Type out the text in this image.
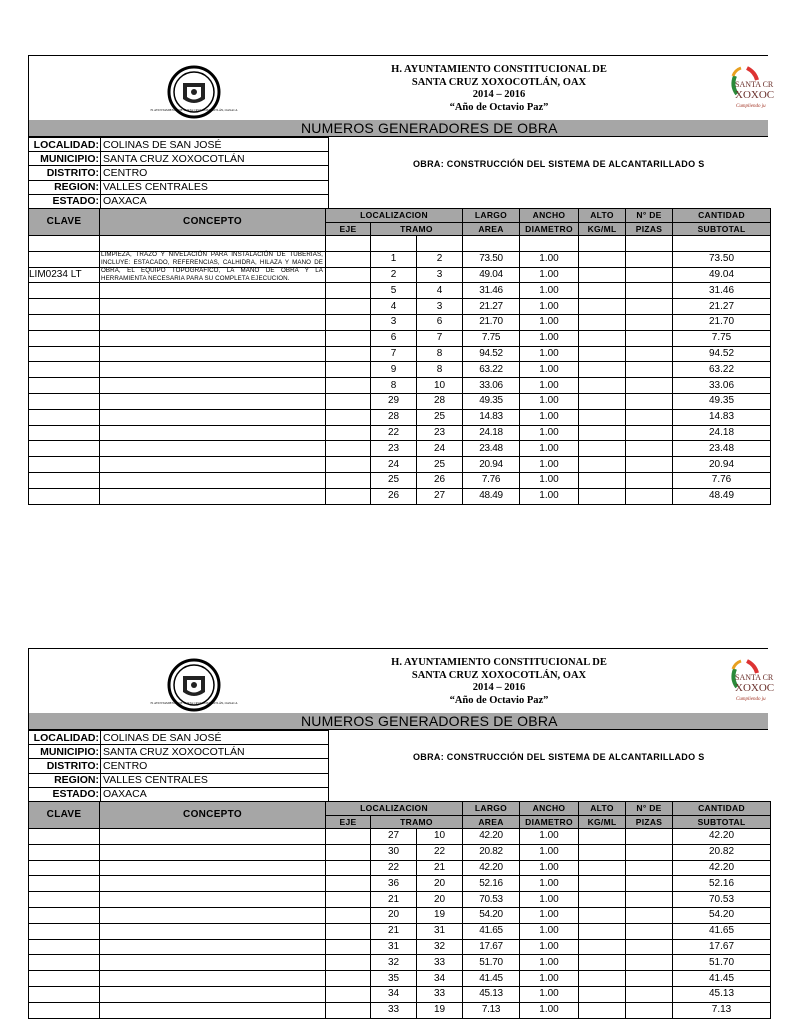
H. AYUNTAMIENTO DE SANTA CRUZ XOXOCOTLÁN, OAXACA
H. AYUNTAMIENTO CONSTITUCIONAL DE
SANTA CRUZ XOXOCOTLÁN, OAX
2014 – 2016
“Año de Octavio Paz”
SANTA CR
XOXOC
Cumpliendo ju
NUMEROS GENERADORES DE OBRA
LOCALIDAD:	COLINAS DE SAN JOSÉ
MUNICIPIO:	SANTA CRUZ XOXOCOTLÁN
DISTRITO:	CENTRO
REGION:	VALLES CENTRALES
ESTADO:	OAXACA
OBRA: CONSTRUCCIÓN DEL SISTEMA DE ALCANTARILLADO S
CLAVE	CONCEPTO	LOCALIZACION			LARGO	ANCHO	ALTO	N° DE	CANTIDAD
		EJE	TRAMO		AREA	DIAMETRO	KG/ML	PIZAS	SUBTOTAL

	LIMPIEZA, TRAZO Y NIVELACIÓN PARA INSTALACIÓN DE TUBERIAS, INCLUYE: ESTACADO, REFERENCIAS, CALHIDRA, HILAZA Y MANO DE OBRA, EL EQUIPO TOPOGRAFICO, LA MANO DE OBRA Y LA HERRAMIENTA NECESARIA PARA SU COMPLETA EJECUCION.		1	2	73.50	1.00			73.50
LIM0234 LT			2	3	49.04	1.00			49.04
			5	4	31.46	1.00			31.46
			4	3	21.27	1.00			21.27
			3	6	21.70	1.00			21.70
			6	7	7.75	1.00			7.75
			7	8	94.52	1.00			94.52
			9	8	63.22	1.00			63.22
			8	10	33.06	1.00			33.06
			29	28	49.35	1.00			49.35
			28	25	14.83	1.00			14.83
			22	23	24.18	1.00			24.18
			23	24	23.48	1.00			23.48
			24	25	20.94	1.00			20.94
			25	26	7.76	1.00			7.76
			26	27	48.49	1.00			48.49
H. AYUNTAMIENTO DE SANTA CRUZ XOXOCOTLÁN, OAXACA
H. AYUNTAMIENTO CONSTITUCIONAL DE
SANTA CRUZ XOXOCOTLÁN, OAX
2014 – 2016
“Año de Octavio Paz”
SANTA CR
XOXOC
Cumpliendo ju
NUMEROS GENERADORES DE OBRA
LOCALIDAD:	COLINAS DE SAN JOSÉ
MUNICIPIO:	SANTA CRUZ XOXOCOTLÁN
DISTRITO:	CENTRO
REGION:	VALLES CENTRALES
ESTADO:	OAXACA
OBRA: CONSTRUCCIÓN DEL SISTEMA DE ALCANTARILLADO S
CLAVE	CONCEPTO	LOCALIZACION			LARGO	ANCHO	ALTO	N° DE	CANTIDAD
		EJE	TRAMO		AREA	DIAMETRO	KG/ML	PIZAS	SUBTOTAL
			27	10	42.20	1.00			42.20
			30	22	20.82	1.00			20.82
			22	21	42.20	1.00			42.20
			36	20	52.16	1.00			52.16
			21	20	70.53	1.00			70.53
			20	19	54.20	1.00			54.20
			21	31	41.65	1.00			41.65
			31	32	17.67	1.00			17.67
			32	33	51.70	1.00			51.70
			35	34	41.45	1.00			41.45
			34	33	45.13	1.00			45.13
			33	19	7.13	1.00			7.13
